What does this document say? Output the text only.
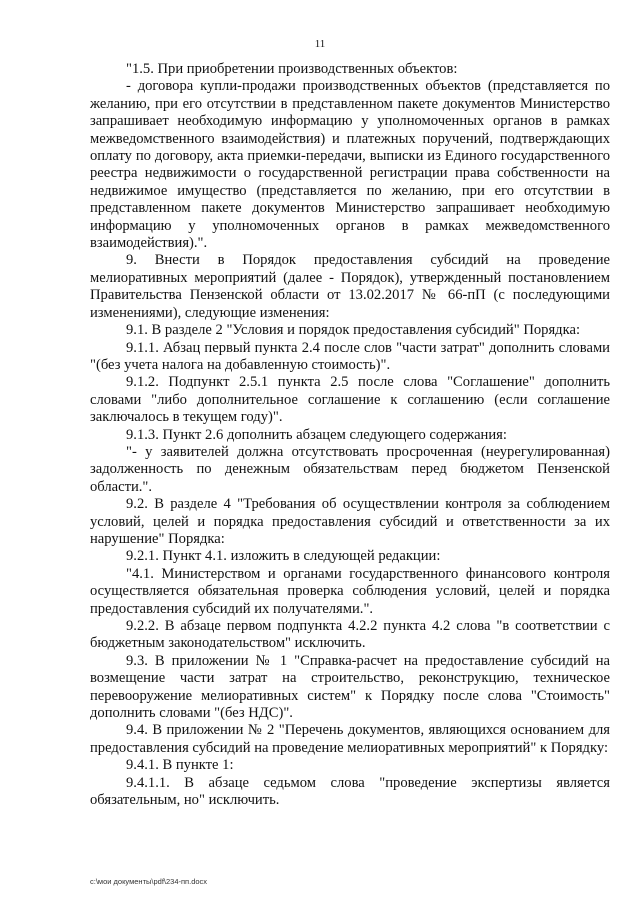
11

"1.5. При приобретении производственных объектов:

- договора купли-продажи производственных объектов (представляется по желанию, при его отсутствии в представленном пакете документов Министерство запрашивает необходимую информацию у уполномоченных органов в рамках межведомственного взаимодействия) и платежных поручений, подтверждающих оплату по договору, акта приемки-передачи, выписки из Единого государственного реестра недвижимости о государственной регистрации права собственности на недвижимое имущество (представляется по желанию, при его отсутствии в представленном пакете документов Министерство запрашивает необходимую информацию у уполномоченных органов в рамках межведомственного взаимодействия).".

9. Внести в Порядок предоставления субсидий на проведение мелиоративных мероприятий (далее - Порядок), утвержденный постановлением Правительства Пензенской области от 13.02.2017 № 66-пП (с последующими изменениями), следующие изменения:

9.1. В разделе 2 "Условия и порядок предоставления субсидий" Порядка:

9.1.1. Абзац первый пункта 2.4 после слов "части затрат" дополнить словами "(без учета налога на добавленную стоимость)".

9.1.2. Подпункт 2.5.1 пункта 2.5 после слова "Соглашение" дополнить словами "либо дополнительное соглашение к соглашению (если соглашение заключалось в текущем году)".

9.1.3. Пункт 2.6 дополнить абзацем следующего содержания:

"- у заявителей должна отсутствовать просроченная (неурегулированная) задолженность по денежным обязательствам перед бюджетом Пензенской области.".

9.2. В разделе 4 "Требования об осуществлении контроля за соблюдением условий, целей и порядка предоставления субсидий и ответственности за их нарушение" Порядка:

9.2.1. Пункт 4.1. изложить в следующей редакции:

"4.1. Министерством и органами государственного финансового контроля осуществляется обязательная проверка соблюдения условий, целей и порядка предоставления субсидий их получателями.".

9.2.2. В абзаце первом подпункта 4.2.2 пункта 4.2 слова "в соответствии с бюджетным законодательством" исключить.

9.3. В приложении № 1 "Справка-расчет на предоставление субсидий на возмещение части затрат на строительство, реконструкцию, техническое перевооружение мелиоративных систем" к Порядку после слова "Стоимость" дополнить словами "(без НДС)".

9.4. В приложении № 2 "Перечень документов, являющихся основанием для предоставления субсидий на проведение мелиоративных мероприятий" к Порядку:

9.4.1. В пункте 1:

9.4.1.1. В абзаце седьмом слова "проведение экспертизы является обязательным, но" исключить.

c:\мои документы\pdf\234-пп.docx
